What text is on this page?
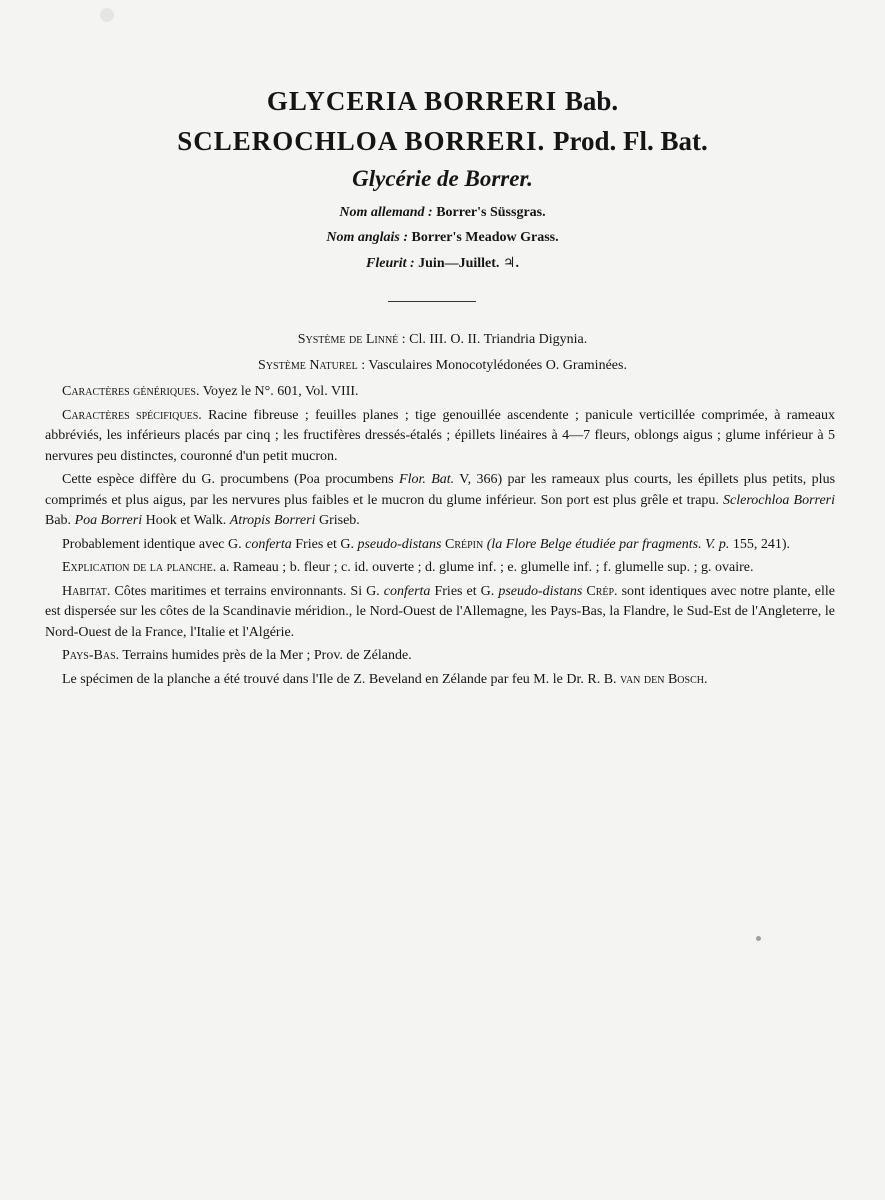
GLYCERIA BORRERI Bab.
SCLEROCHLOA BORRERI. Prod. Fl. Bat.
Glycérie de Borrer.
Nom allemand : Borrer's Süssgras.
Nom anglais : Borrer's Meadow Grass.
Fleurit : Juin—Juillet. ♃.
Système de Linné : Cl. III. O. II. Triandria Digynia.
Système Naturel : Vasculaires Monocotylédonées O. Graminées.

Caractères génériques. Voyez le N°. 601, Vol. VIII.

Caractères spécifiques. Racine fibreuse ; feuilles planes ; tige genouillée ascendente ; panicule verticillée comprimée, à rameaux abbréviés, les inférieurs placés par cinq ; les fructifères dressés-étalés ; épillets linéaires à 4—7 fleurs, oblongs aigus ; glume inférieur à 5 nervures peu distinctes, couronné d'un petit mucron.

Cette espèce diffère du G. procumbens (Poa procumbens Flor. Bat. V, 366) par les rameaux plus courts, les épillets plus petits, plus comprimés et plus aigus, par les nervures plus faibles et le mucron du glume inférieur. Son port est plus grêle et trapu. Sclerochloa Borreri Bab. Poa Borreri Hook et Walk. Atropis Borreri Griseb.

Probablement identique avec G. conferta Fries et G. pseudo-distans Crépin (la Flore Belge étudiée par fragments. V. p. 155, 241).

Explication de la planche. a. Rameau ; b. fleur ; c. id. ouverte ; d. glume inf. ; e. glumelle inf. ; f. glumelle sup. ; g. ovaire.

Habitat. Côtes maritimes et terrains environnants. Si G. conferta Fries et G. pseudo-distans Crép. sont identiques avec notre plante, elle est dispersée sur les côtes de la Scandinavie méridion., le Nord-Ouest de l'Allemagne, les Pays-Bas, la Flandre, le Sud-Est de l'Angleterre, le Nord-Ouest de la France, l'Italie et l'Algérie.

Pays-Bas. Terrains humides près de la Mer ; Prov. de Zélande.

Le spécimen de la planche a été trouvé dans l'Ile de Z. Beveland en Zélande par feu M. le Dr. R. B. van den Bosch.
